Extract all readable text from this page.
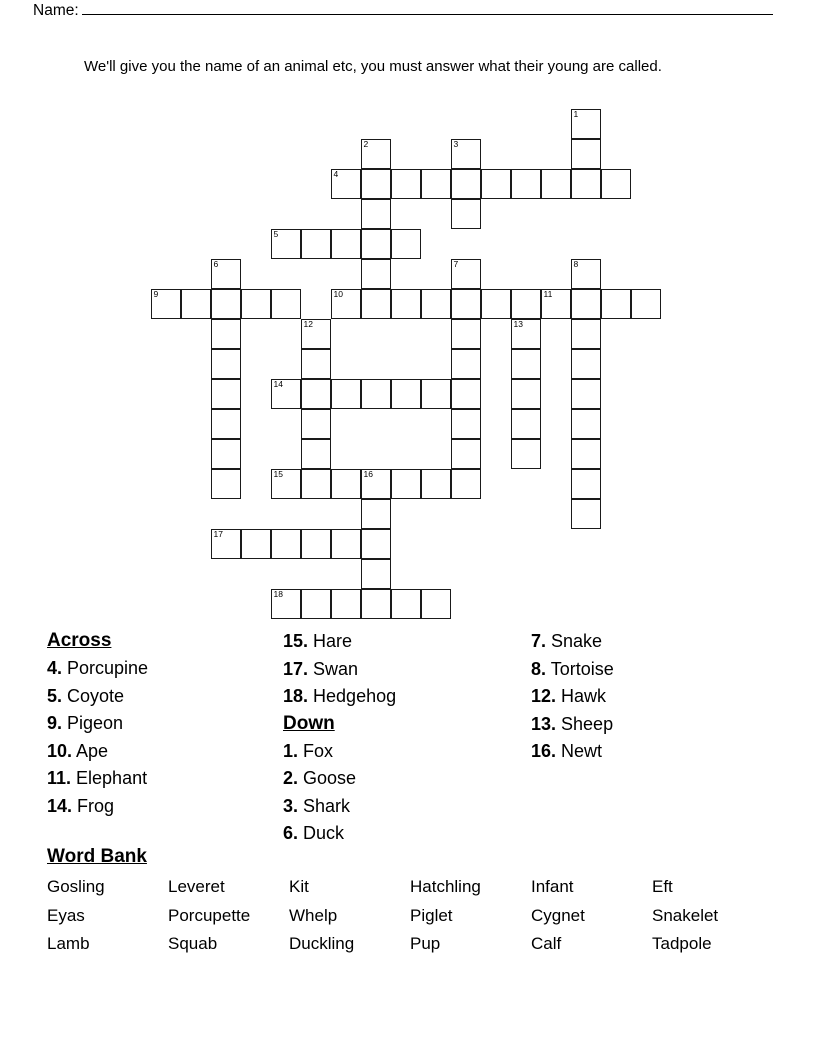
Name:
We'll give you the name of an animal etc, you must answer what their young are called.
1
2	3
4
5
6	7	8
9	10	11
12	13
14
15	16
17
18
Across
4. Porcupine
5. Coyote
9. Pigeon
10. Ape
11. Elephant
14. Frog
15. Hare
17. Swan
18. Hedgehog
Down
1. Fox
2. Goose
3. Shark
6. Duck
7. Snake
8. Tortoise
12. Hawk
13. Sheep
16. Newt
Word Bank
Gosling	Leveret	Kit	Hatchling	Infant	Eft
Eyas	Porcupette	Whelp	Piglet	Cygnet	Snakelet
Lamb	Squab	Duckling	Pup	Calf	Tadpole
